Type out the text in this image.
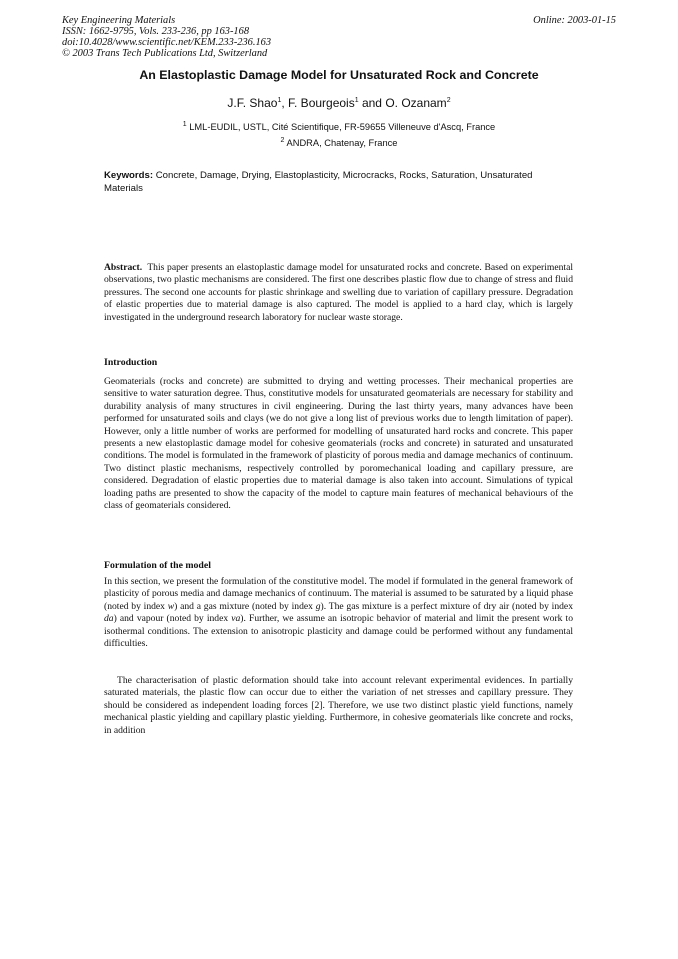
Key Engineering Materials
ISSN: 1662-9795, Vols. 233-236, pp 163-168
doi:10.4028/www.scientific.net/KEM.233-236.163
© 2003 Trans Tech Publications Ltd, Switzerland
Online: 2003-01-15
An Elastoplastic Damage Model for Unsaturated Rock and Concrete
J.F. Shao$^1$, F. Bourgeois$^1$ and O. Ozanam$^2$
$^1$ LML-EUDIL, USTL, Cité Scientifique, FR-59655 Villeneuve d'Ascq, France
$^2$ ANDRA, Chatenay, France
Keywords: Concrete, Damage, Drying, Elastoplasticity, Microcracks, Rocks, Saturation, Unsaturated Materials
Abstract. This paper presents an elastoplastic damage model for unsaturated rocks and concrete. Based on experimental observations, two plastic mechanisms are considered. The first one describes plastic flow due to change of stress and fluid pressures. The second one accounts for plastic shrinkage and swelling due to variation of capillary pressure. Degradation of elastic properties due to material damage is also captured. The model is applied to a hard clay, which is largely investigated in the underground research laboratory for nuclear waste storage.
Introduction
Geomaterials (rocks and concrete) are submitted to drying and wetting processes. Their mechanical properties are sensitive to water saturation degree. Thus, constitutive models for unsaturated geomaterials are necessary for stability and durability analysis of many structures in civil engineering. During the last thirty years, many advances have been performed for unsaturated soils and clays (we do not give a long list of previous works due to length limitation of paper). However, only a little number of works are performed for modelling of unsaturated hard rocks and concrete. This paper presents a new elastoplastic damage model for cohesive geomaterials (rocks and concrete) in saturated and unsaturated conditions. The model is formulated in the framework of plasticity of porous media and damage mechanics of continuum. Two distinct plastic mechanisms, respectively controlled by poromechanical loading and capillary pressure, are considered. Degradation of elastic properties due to material damage is also taken into account. Simulations of typical loading paths are presented to show the capacity of the model to capture main features of mechanical behaviours of the class of geomaterials considered.
Formulation of the model
In this section, we present the formulation of the constitutive model. The model if formulated in the general framework of plasticity of porous media and damage mechanics of continuum. The material is assumed to be saturated by a liquid phase (noted by index w) and a gas mixture (noted by index g). The gas mixture is a perfect mixture of dry air (noted by index da) and vapour (noted by index va). Further, we assume an isotropic behavior of material and limit the present work to isothermal conditions. The extension to anisotropic plasticity and damage could be performed without any fundamental difficulties.
The characterisation of plastic deformation should take into account relevant experimental evidences. In partially saturated materials, the plastic flow can occur due to either the variation of net stresses and capillary pressure. They should be considered as independent loading forces [2]. Therefore, we use two distinct plastic yield functions, namely mechanical plastic yielding and capillary plastic yielding. Furthermore, in cohesive geomaterials like concrete and rocks, in addition
